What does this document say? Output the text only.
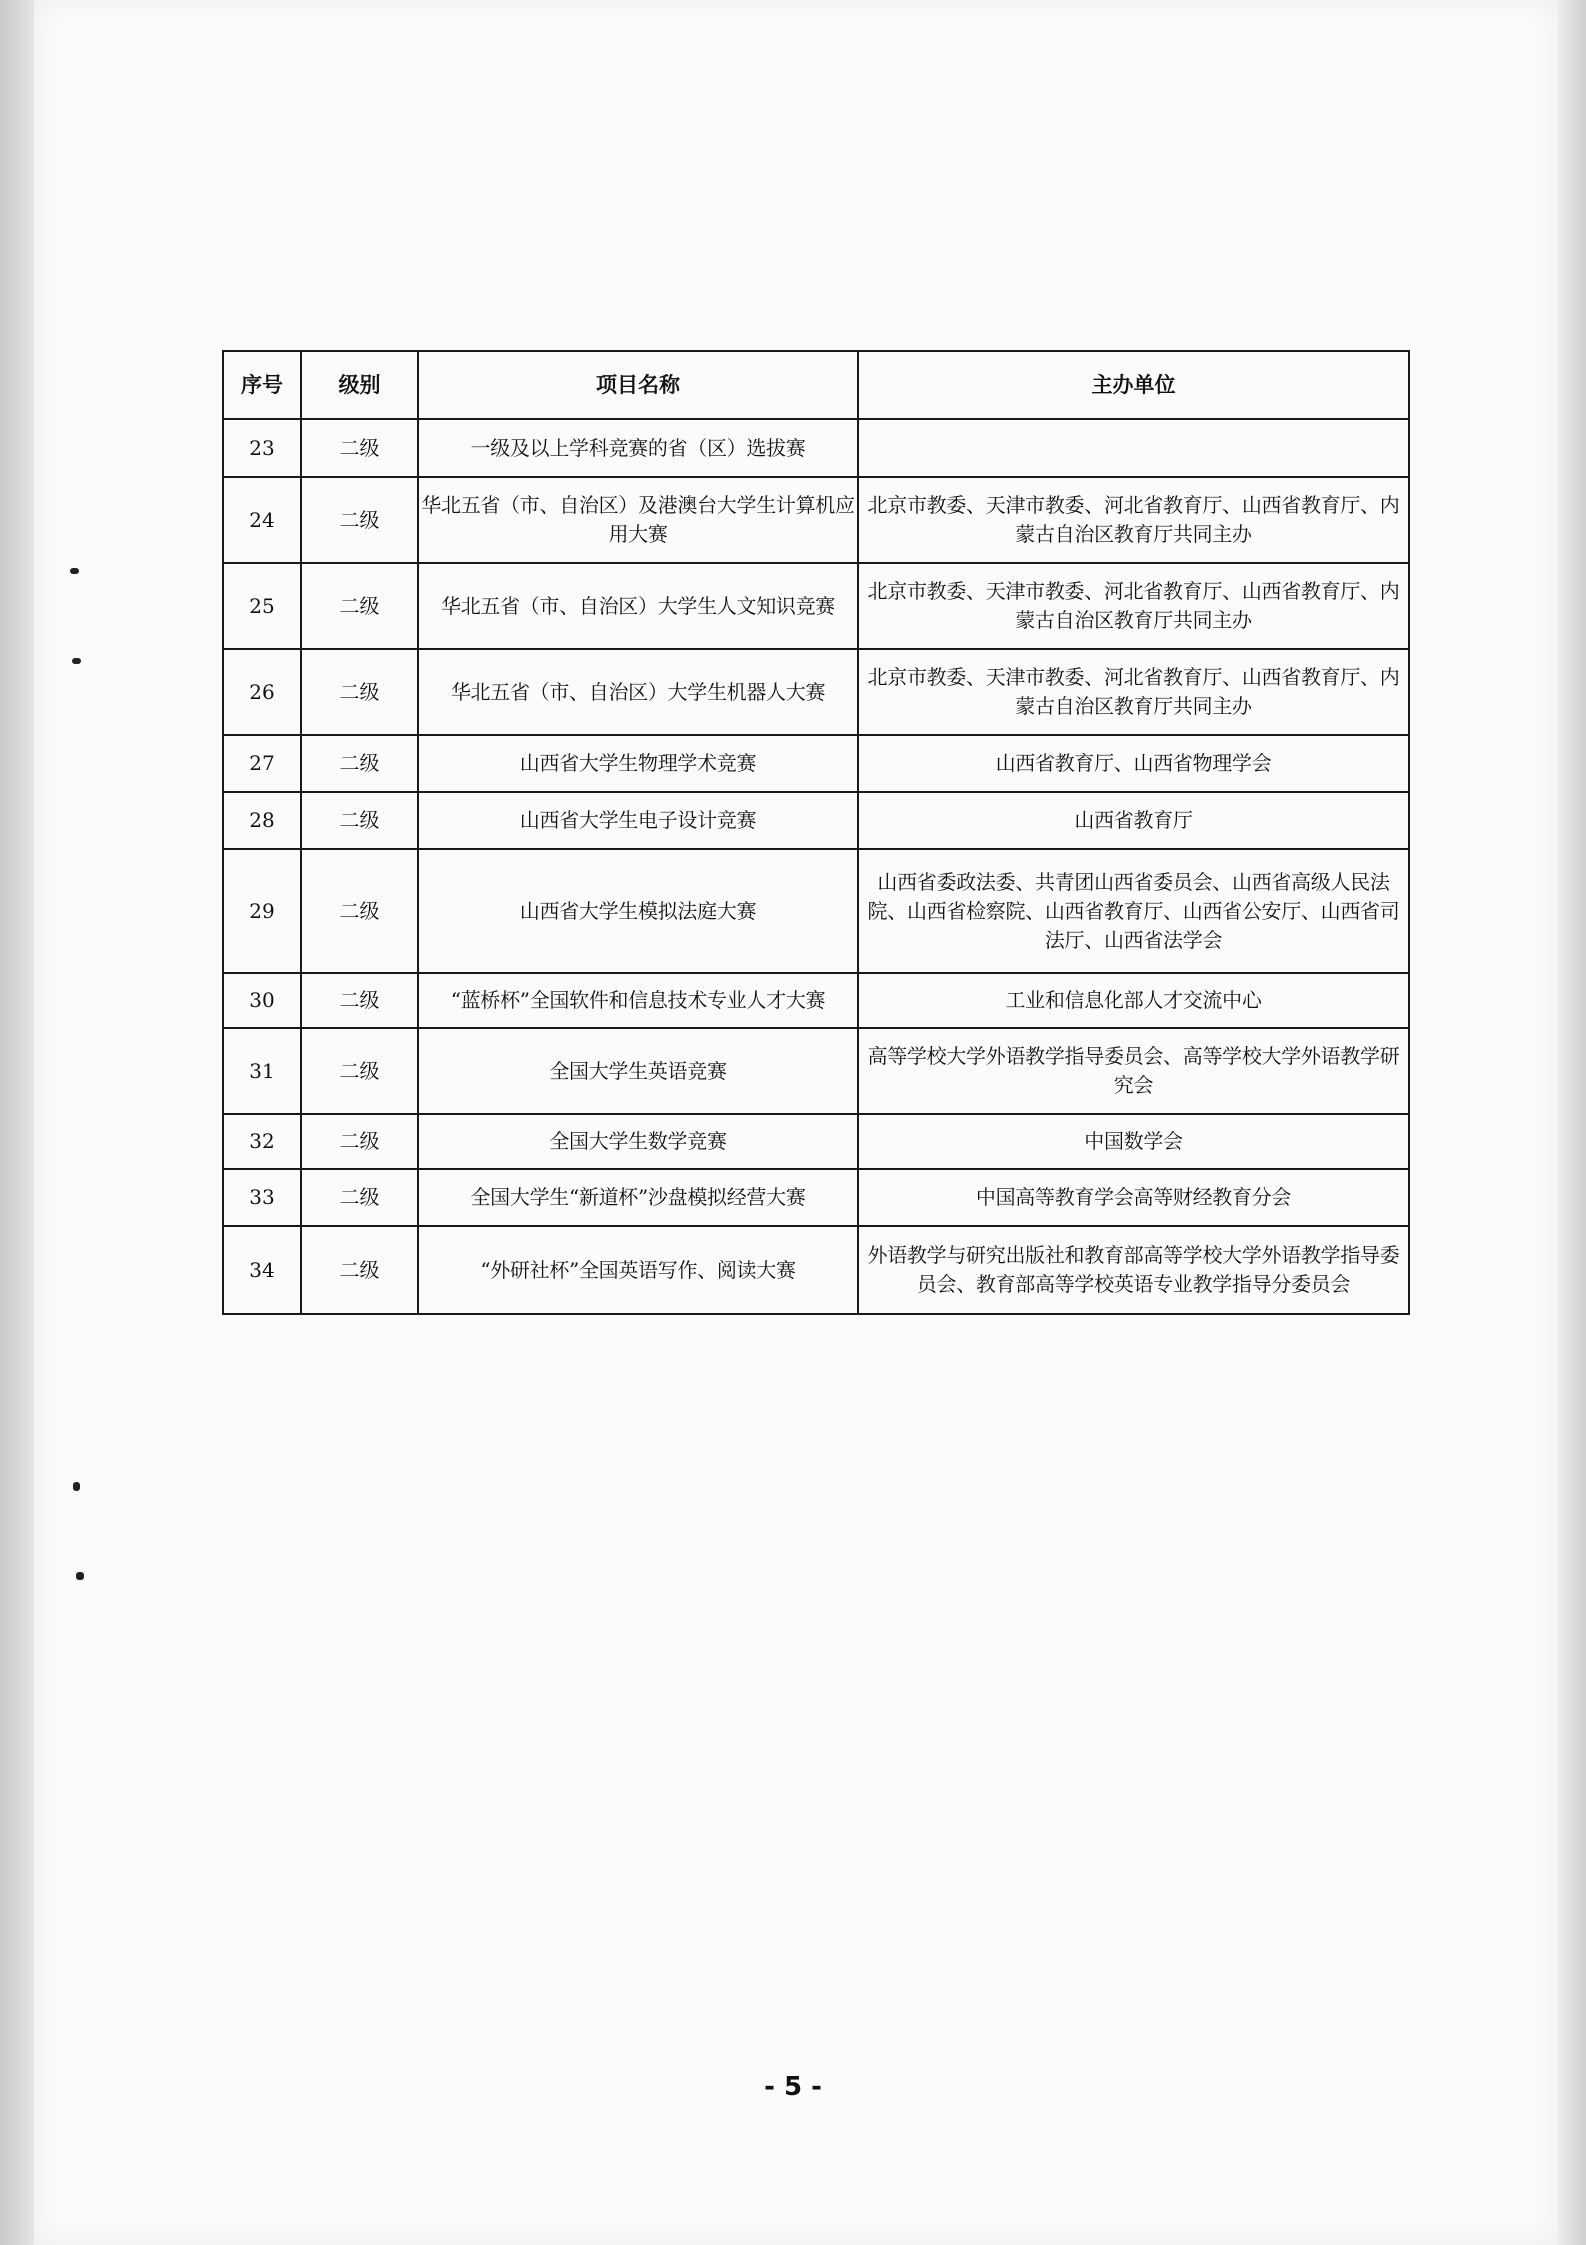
序号	级别	项目名称	主办单位
23	二级	一级及以上学科竞赛的省（区）选拔赛	
24	二级	华北五省（市、自治区）及港澳台大学生计算机应用大赛	北京市教委、天津市教委、河北省教育厅、山西省教育厅、内蒙古自治区教育厅共同主办
25	二级	华北五省（市、自治区）大学生人文知识竞赛	北京市教委、天津市教委、河北省教育厅、山西省教育厅、内蒙古自治区教育厅共同主办
26	二级	华北五省（市、自治区）大学生机器人大赛	北京市教委、天津市教委、河北省教育厅、山西省教育厅、内蒙古自治区教育厅共同主办
27	二级	山西省大学生物理学术竞赛	山西省教育厅、山西省物理学会
28	二级	山西省大学生电子设计竞赛	山西省教育厅
29	二级	山西省大学生模拟法庭大赛	山西省委政法委、共青团山西省委员会、山西省高级人民法院、山西省检察院、山西省教育厅、山西省公安厅、山西省司法厅、山西省法学会
30	二级	“蓝桥杯”全国软件和信息技术专业人才大赛	工业和信息化部人才交流中心
31	二级	全国大学生英语竞赛	高等学校大学外语教学指导委员会、高等学校大学外语教学研究会
32	二级	全国大学生数学竞赛	中国数学会
33	二级	全国大学生“新道杯”沙盘模拟经营大赛	中国高等教育学会高等财经教育分会
34	二级	“外研社杯”全国英语写作、阅读大赛	外语教学与研究出版社和教育部高等学校大学外语教学指导委员会、教育部高等学校英语专业教学指导分委员会
- 5 -
